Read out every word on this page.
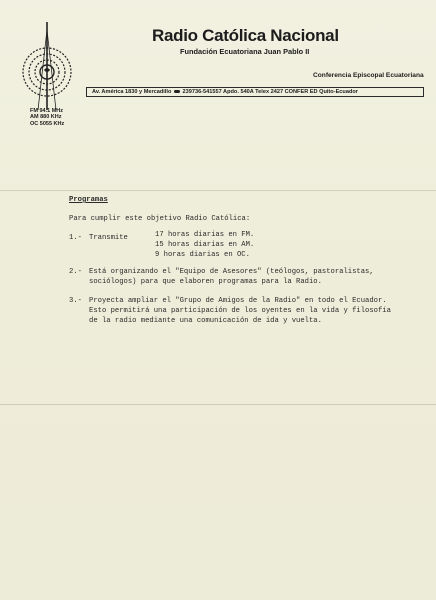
FM 94.1 MHz
AM 880 KHz
OC 5055 KHz
Radio Católica Nacional
Fundación Ecuatoriana Juan Pablo II
Conferencia Episcopal Ecuatoriana
Av. América 1830 y Mercadillo 239736-541557 Apdo. 540A Telex 2427 CONFER ED Quito-Ecuador
Programas
Para cumplir este objetivo Radio Católica:
1.- Transmite	17 horas diarias en FM.
15 horas diarias en AM.
9 horas diarias en OC.
2.- Está organizando el "Equipo de Asesores" (teólogos, pastoralistas,
sociólogos) para que elaboren programas para la Radio.
3.- Proyecta ampliar el "Grupo de Amigos de la Radio" en todo el Ecuador.
Esto permitirá una participación de los oyentes en la vida y filosofía
de la radio mediante una comunicación de ida y vuelta.
